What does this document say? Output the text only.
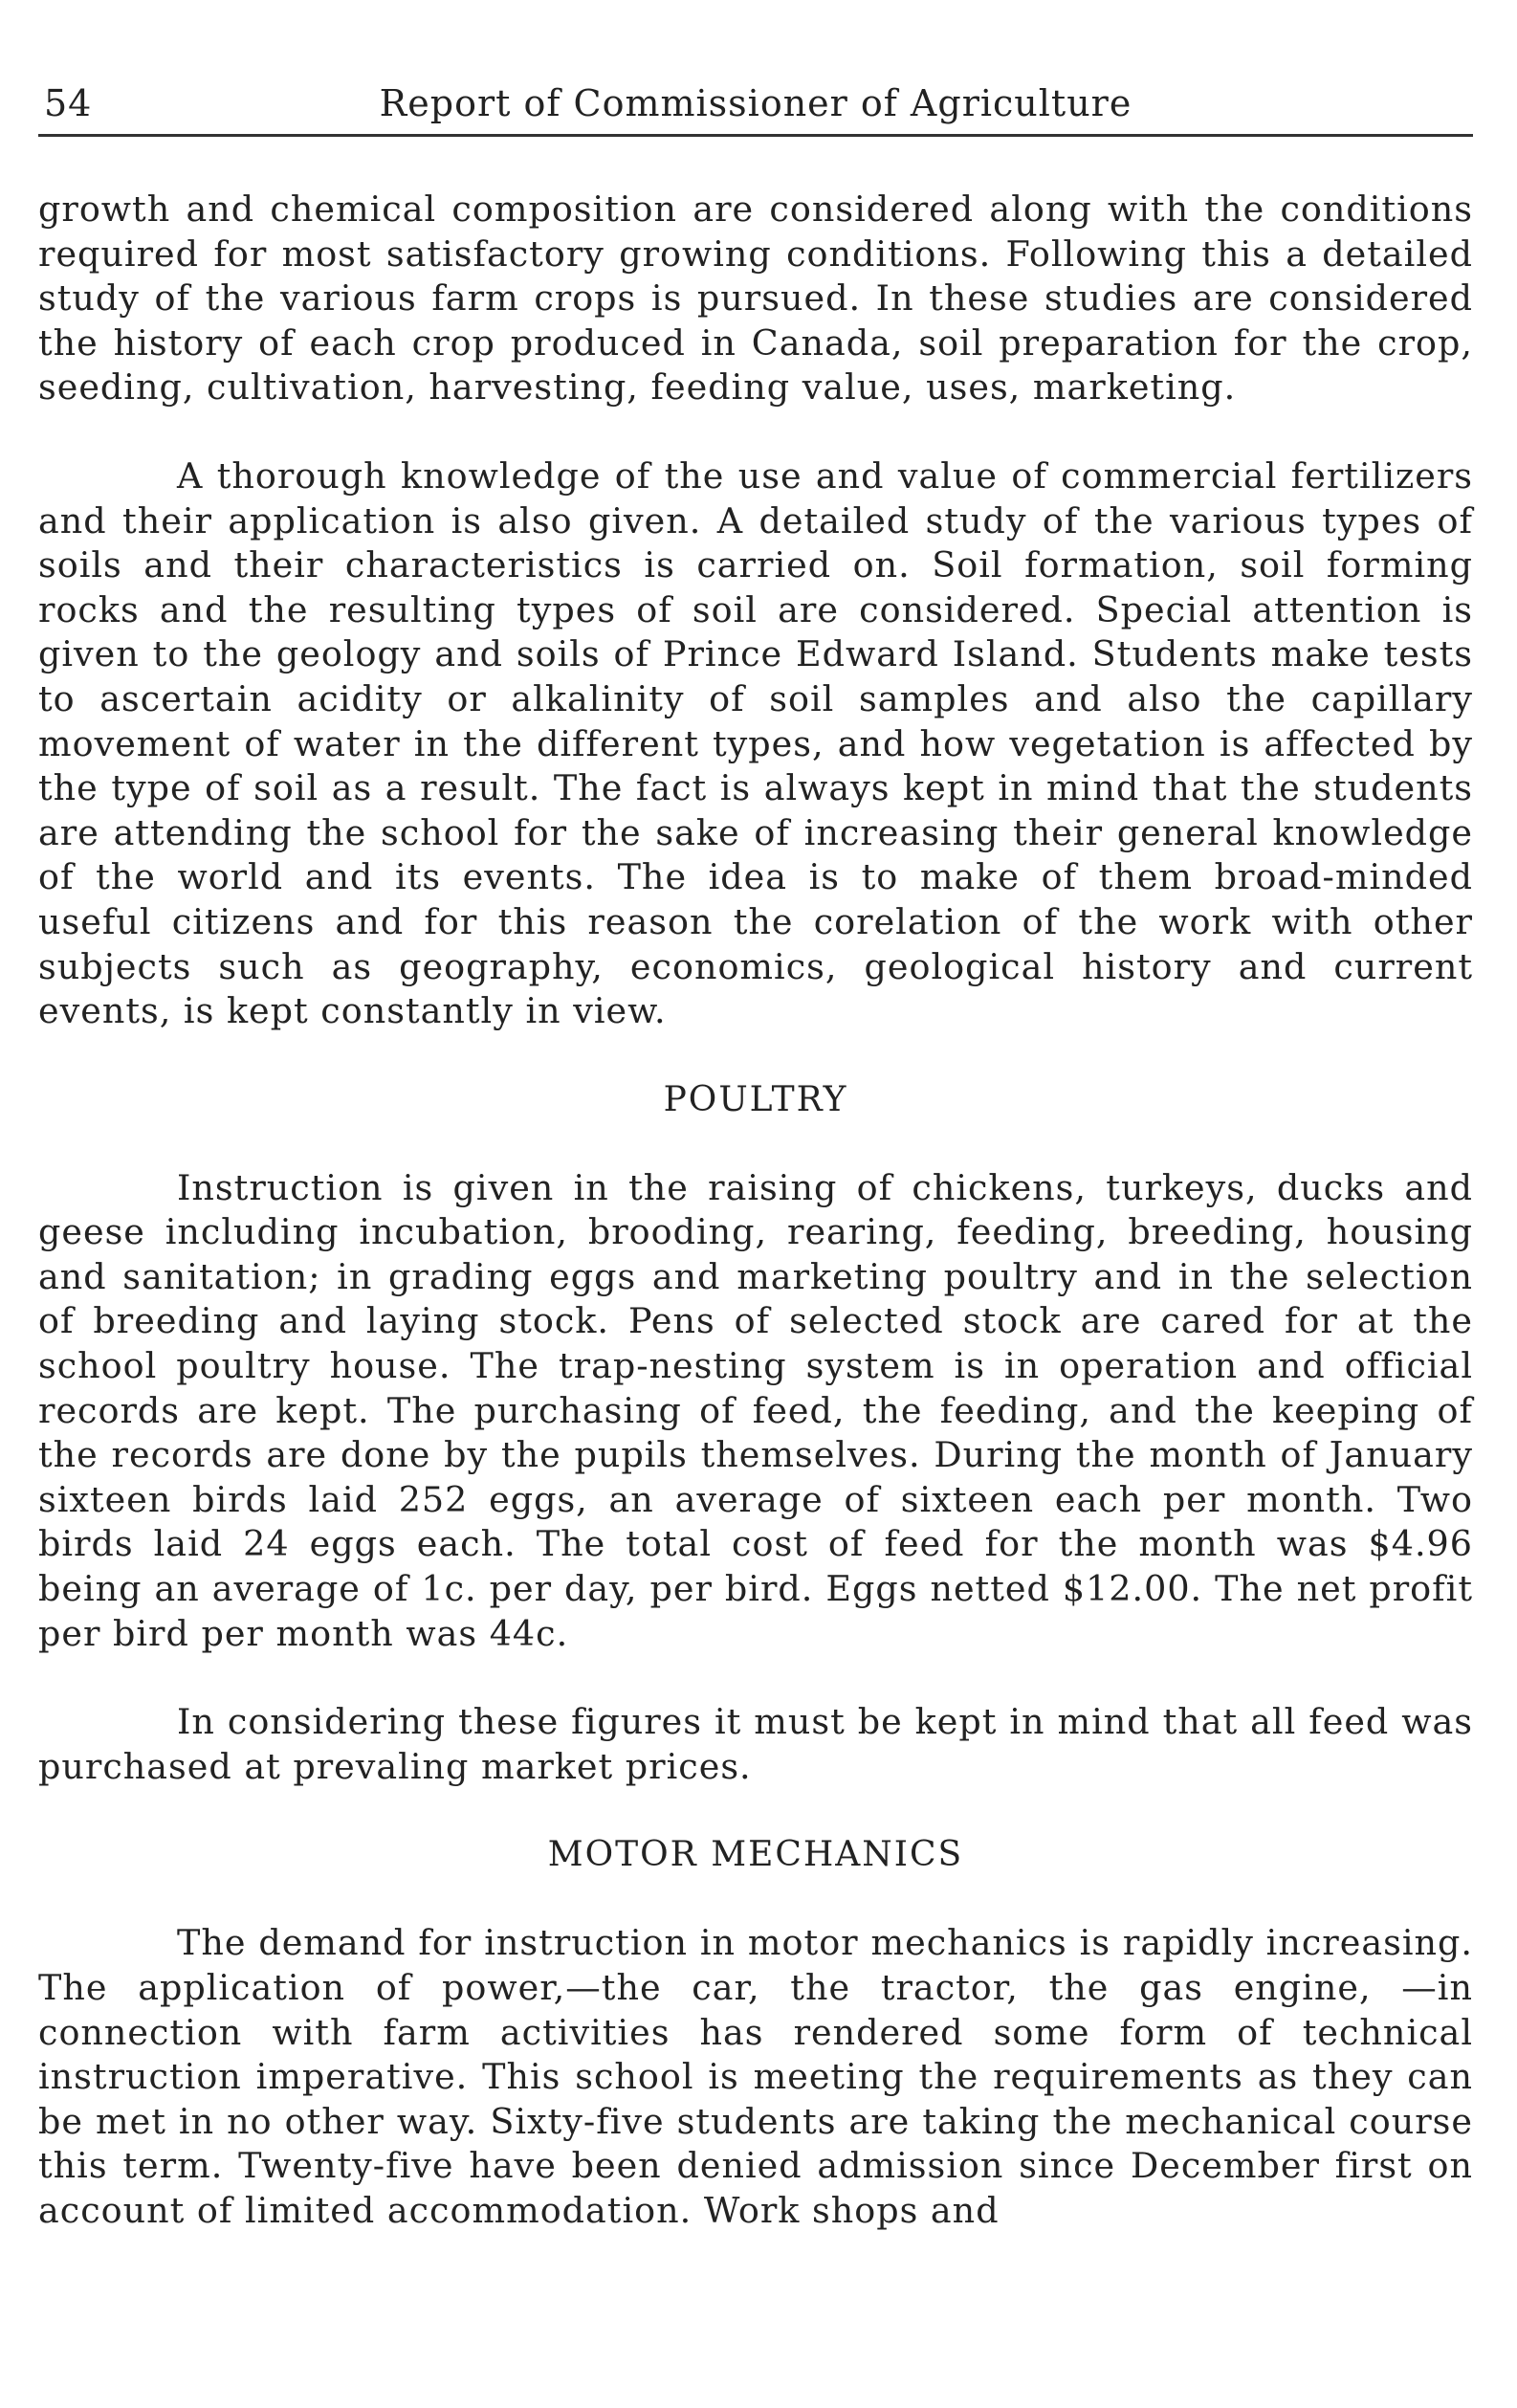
54	Report of Commissioner of Agriculture

growth and chemical composition are considered along with the conditions required for most satisfactory growing conditions. Following this a detailed study of the various farm crops is pursued. In these studies are considered the history of each crop produced in Canada, soil preparation for the crop, seeding, cultivation, harvesting, feeding value, uses, marketing.

A thorough knowledge of the use and value of commercial fertilizers and their application is also given. A detailed study of the various types of soils and their characteristics is carried on. Soil formation, soil forming rocks and the resulting types of soil are considered. Special attention is given to the geology and soils of Prince Edward Island. Students make tests to ascertain acidity or alkalinity of soil samples and also the capillary movement of water in the different types, and how vegetation is affected by the type of soil as a result. The fact is always kept in mind that the students are attending the school for the sake of increasing their general knowledge of the world and its events. The idea is to make of them broad-minded useful citizens and for this reason the corelation of the work with other subjects such as geography, economics, geological history and current events, is kept constantly in view.

POULTRY

Instruction is given in the raising of chickens, turkeys, ducks and geese including incubation, brooding, rearing, feeding, breeding, housing and sanitation; in grading eggs and marketing poultry and in the selection of breeding and laying stock. Pens of selected stock are cared for at the school poultry house. The trap-nesting system is in operation and official records are kept. The purchasing of feed, the feeding, and the keeping of the records are done by the pupils themselves. During the month of January sixteen birds laid 252 eggs, an average of sixteen each per month. Two birds laid 24 eggs each. The total cost of feed for the month was $4.96 being an average of 1c. per day, per bird. Eggs netted $12.00. The net profit per bird per month was 44c.

In considering these figures it must be kept in mind that all feed was purchased at prevaling market prices.

MOTOR MECHANICS

The demand for instruction in motor mechanics is rapidly increasing. The application of power,—the car, the tractor, the gas engine, —in connection with farm activities has rendered some form of technical instruction imperative. This school is meeting the requirements as they can be met in no other way. Sixty-five students are taking the mechanical course this term. Twenty-five have been denied admission since December first on account of limited accommodation. Work shops and
